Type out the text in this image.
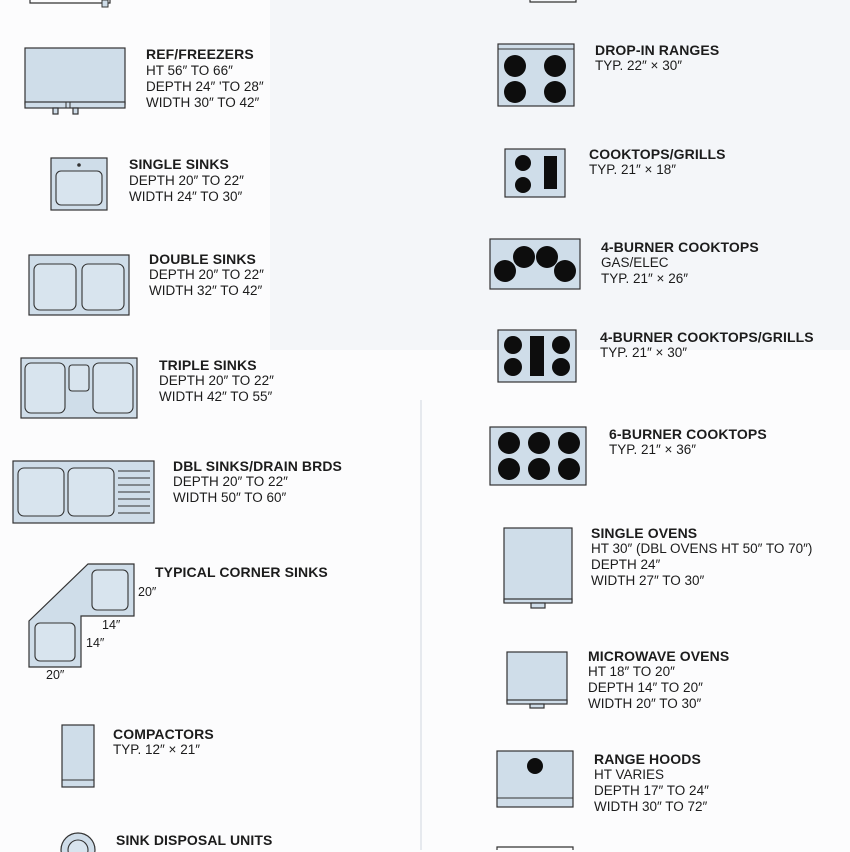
REF/FREEZERS
HT 56″ TO 66″
DEPTH 24″ ʹTO 28″
WIDTH 30″ TO 42″
SINGLE SINKS
DEPTH 20″ TO 22″
WIDTH 24″ TO 30″
DOUBLE SINKS
DEPTH 20″ TO 22″
WIDTH 32″ TO 42″
TRIPLE SINKS
DEPTH 20″ TO 22″
WIDTH 42″ TO 55″
DBL SINKS/DRAIN BRDS
DEPTH 20″ TO 22″
WIDTH 50″ TO 60″
TYPICAL CORNER SINKS
20″
14″
14″
20″
COMPACTORS
TYP. 12″ × 21″
SINK DISPOSAL UNITS
DROP-IN RANGES
TYP. 22″ × 30″
COOKTOPS/GRILLS
TYP. 21″ × 18″
4-BURNER COOKTOPS
GAS/ELEC
TYP. 21″ × 26″
4-BURNER COOKTOPS/GRILLS
TYP. 21″ × 30″
6-BURNER COOKTOPS
TYP. 21″ × 36″
SINGLE OVENS
HT 30″ (DBL OVENS HT 50″ TO 70″)
DEPTH 24″
WIDTH 27″ TO 30″
MICROWAVE OVENS
HT 18″ TO 20″
DEPTH 14″ TO 20″
WIDTH 20″ TO 30″
RANGE HOODS
HT VARIES
DEPTH 17″ TO 24″
WIDTH 30″ TO 72″
